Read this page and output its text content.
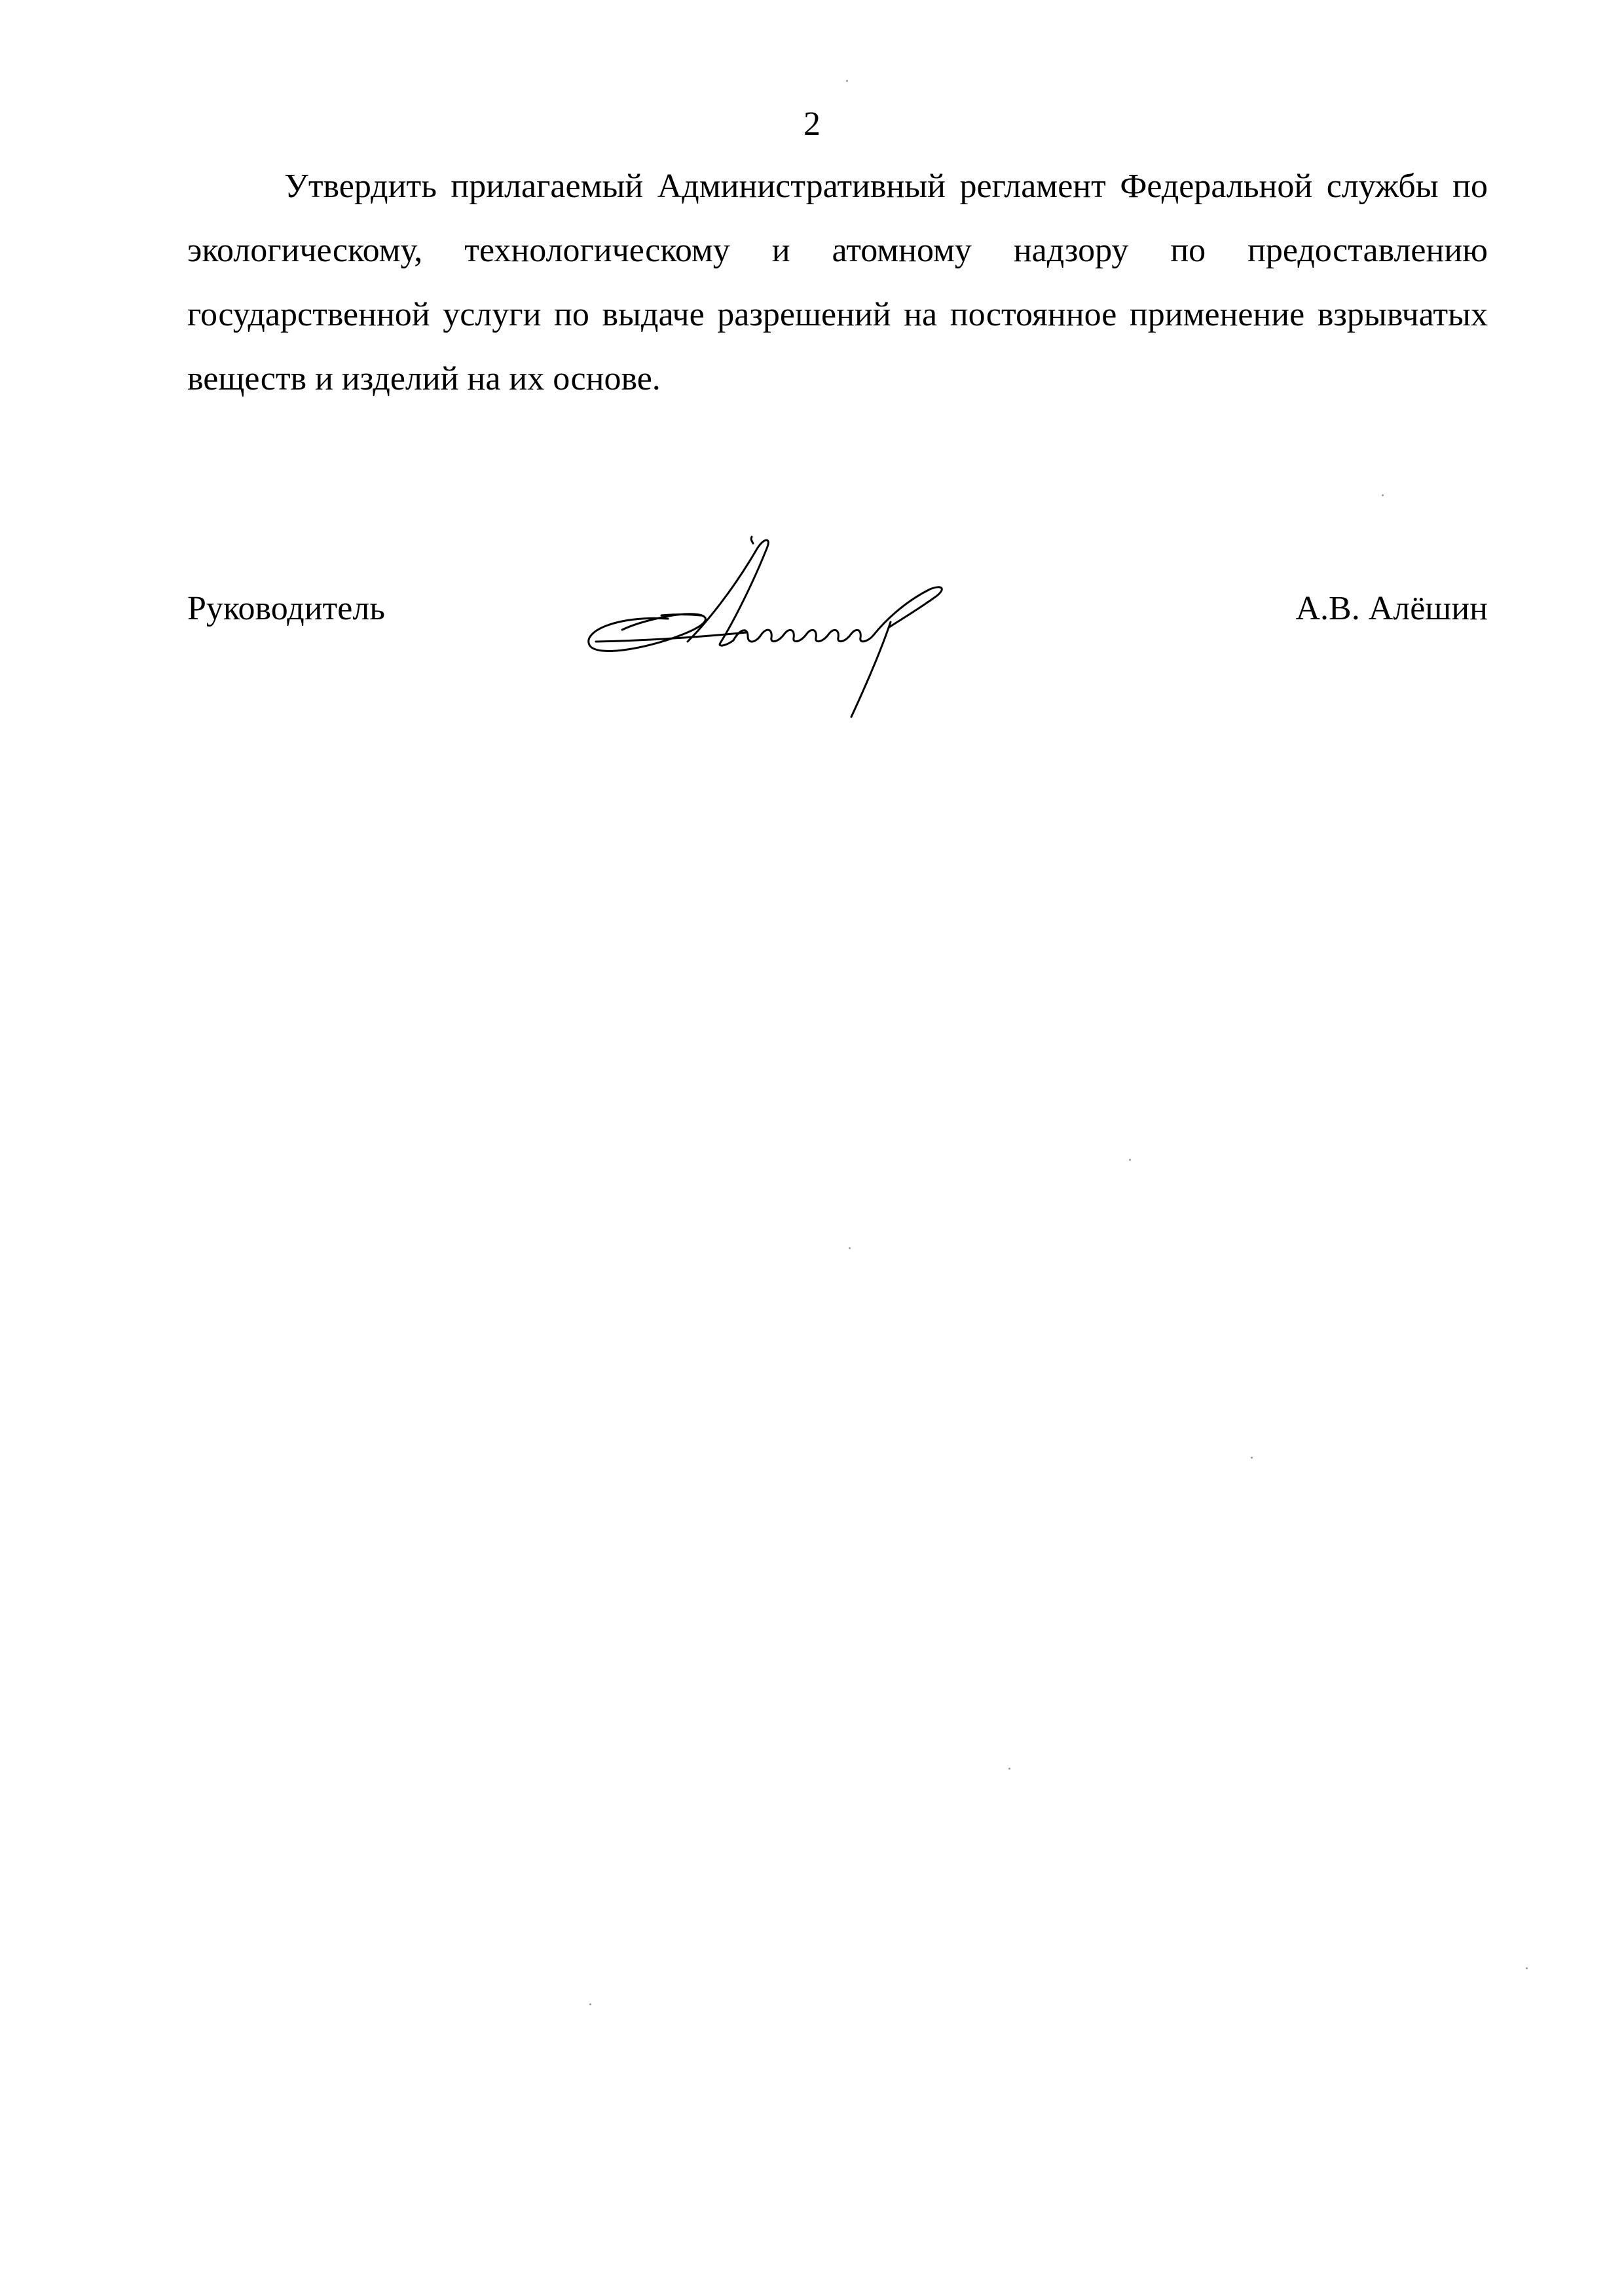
2

Утвердить прилагаемый Административный регламент Федеральной службы по экологическому, технологическому и атомному надзору по предоставлению государственной услуги по выдаче разрешений на постоянное применение взрывчатых веществ и изделий на их основе.

Руководитель	А.В. Алёшин
